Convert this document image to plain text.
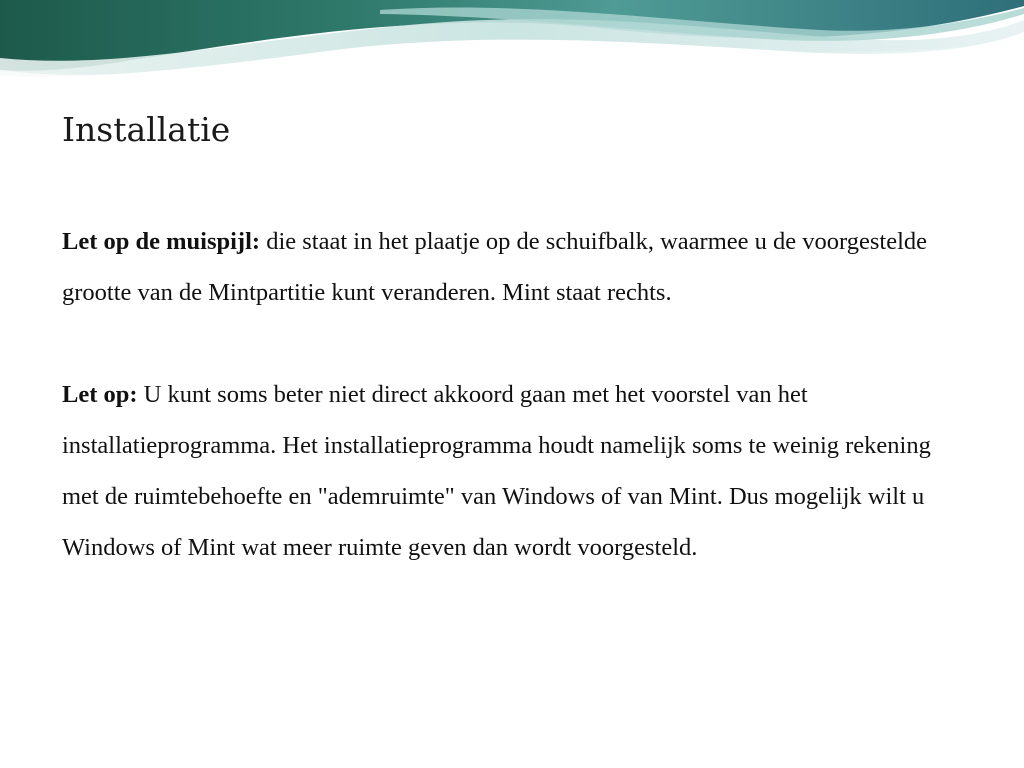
Installatie

Let op de muispijl: die staat in het plaatje op de schuifbalk, waarmee u de voorgestelde grootte van de Mintpartitie kunt veranderen. Mint staat rechts.

Let op: U kunt soms beter niet direct akkoord gaan met het voorstel van het installatieprogramma. Het installatieprogramma houdt namelijk soms te weinig rekening met de ruimtebehoefte en "ademruimte" van Windows of van Mint. Dus mogelijk wilt u Windows of Mint wat meer ruimte geven dan wordt voorgesteld.
